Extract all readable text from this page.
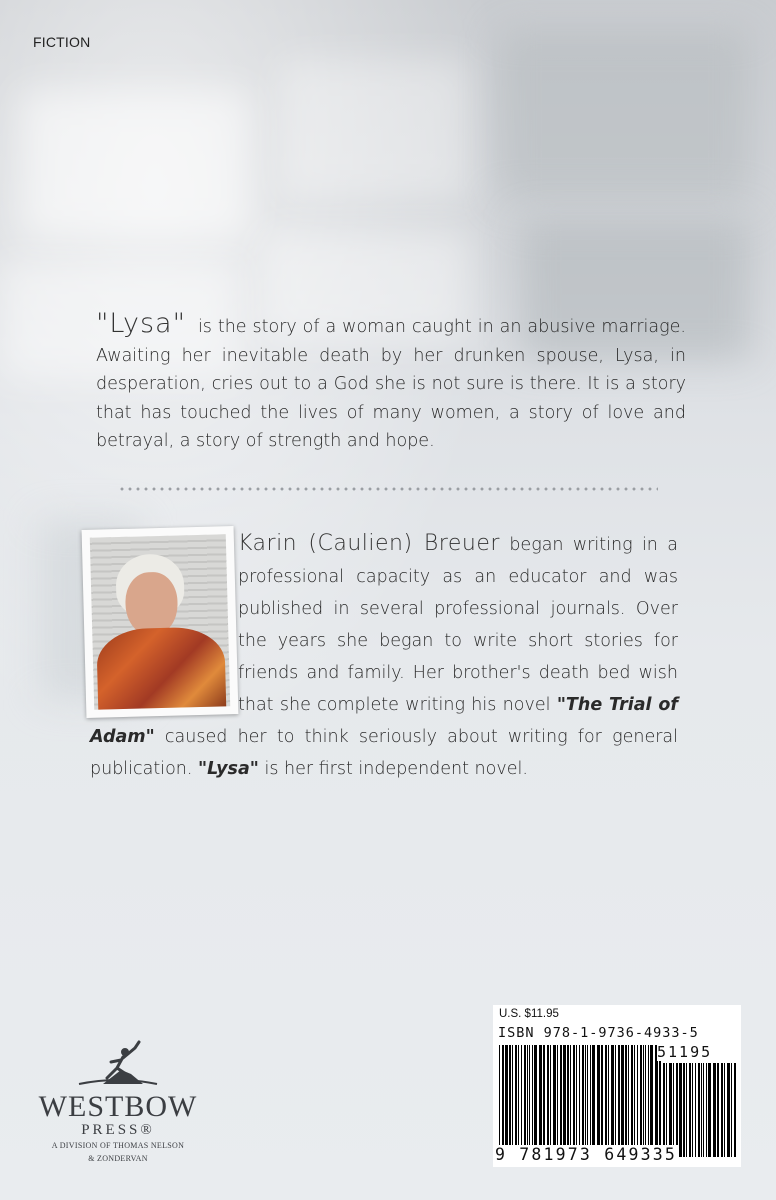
FICTION
"Lysa" is the story of a woman caught in an abusive marriage. Awaiting her inevitable death by her drunken spouse, Lysa, in desperation, cries out to a God she is not sure is there. It is a story that has touched the lives of many women, a story of love and betrayal, a story of strength and hope.
Karin (Caulien) Breuer began writing in a professional capacity as an educator and was published in several professional journals. Over the years she began to write short stories for friends and family. Her brother's death bed wish that she complete writing his novel "The Trial of Adam" caused her to think seriously about writing for general publication. "Lysa" is her first independent novel.
WESTBOW
PRESS®
A DIVISION OF THOMAS NELSON
& ZONDERVAN
U.S. $11.95
ISBN 978-1-9736-4933-5
51195
9 781973 649335
